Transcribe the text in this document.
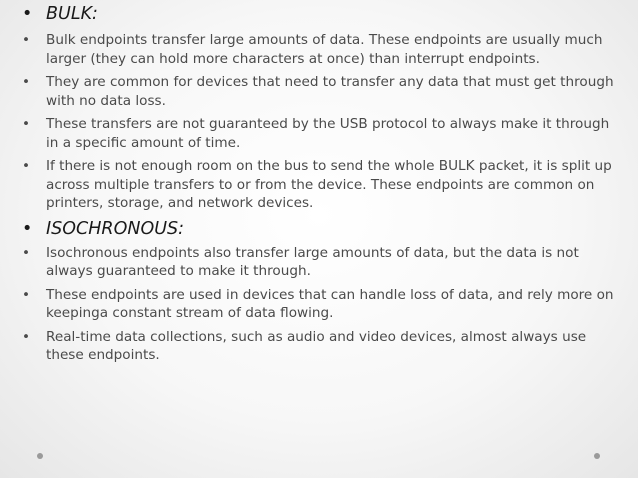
• BULK:
• Bulk endpoints transfer large amounts of data. These endpoints are usually much larger (they can hold more characters at once) than interrupt endpoints.
• They are common for devices that need to transfer any data that must get through with no data loss.
• These transfers are not guaranteed by the USB protocol to always make it through in a specific amount of time.
• If there is not enough room on the bus to send the whole BULK packet, it is split up across multiple transfers to or from the device. These endpoints are common on printers, storage, and network devices.
• ISOCHRONOUS:
• Isochronous endpoints also transfer large amounts of data, but the data is not always guaranteed to make it through.
• These endpoints are used in devices that can handle loss of data, and rely more on keepinga constant stream of data flowing.
• Real-time data collections, such as audio and video devices, almost always use these endpoints.
